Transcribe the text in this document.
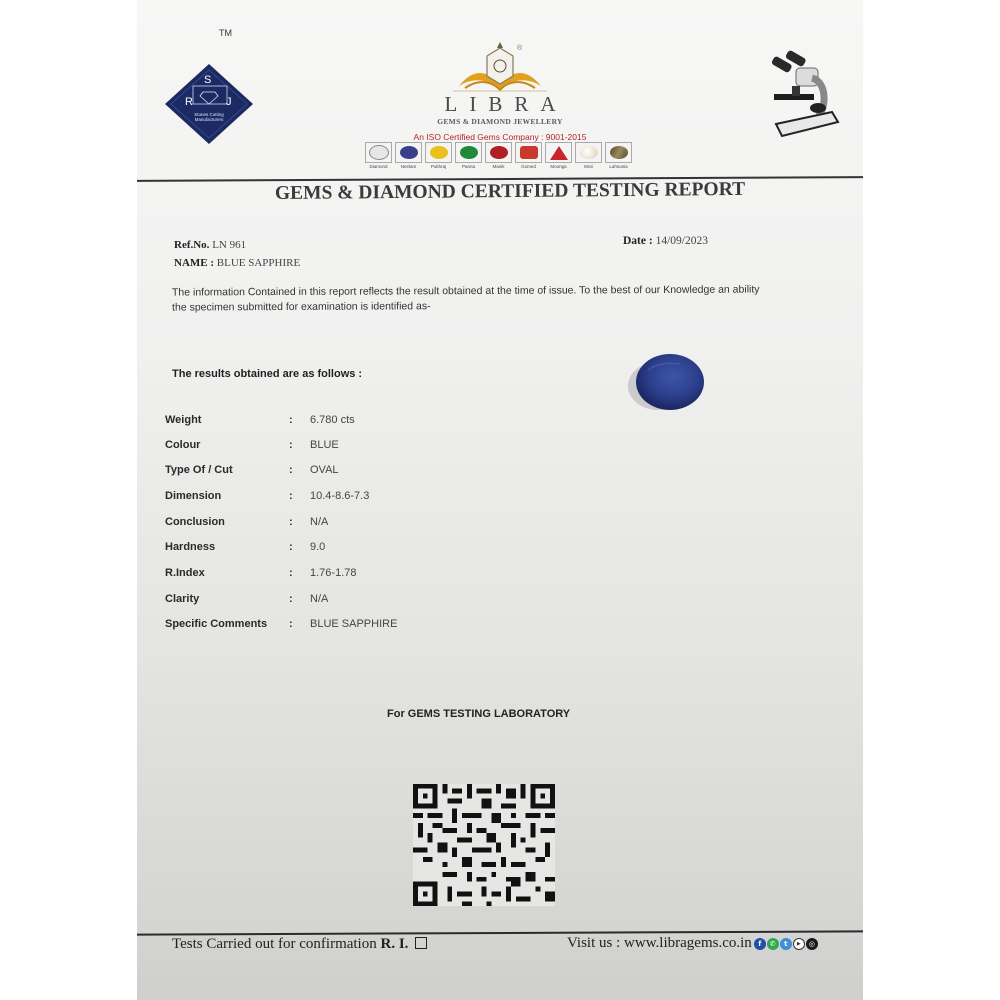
TM
S
R	J
Stones Cutting Manufacturers
®
LIBRA
GEMS & DIAMOND JEWELLERY
An ISO Certified Gems Company : 9001-2015
Diamond	Neelam	Pukhraj	Panna	Manik	Gomed	Moonga	Moti	Lahsunia
GEMS & DIAMOND CERTIFIED TESTING REPORT
Ref.No. LN 961
NAME : BLUE SAPPHIRE
Date : 14/09/2023
The information Contained in this report reflects the result obtained at the time of issue. To the best of our Knowledge an ability the specimen submitted for examination is identified as-
The results obtained are as follows :
Weight	: 6.780 cts
Colour	: BLUE
Type Of / Cut	: OVAL
Dimension	: 10.4-8.6-7.3
Conclusion	: N/A
Hardness	: 9.0
R.Index	: 1.76-1.78
Clarity	: N/A
Specific Comments : BLUE SAPPHIRE
For GEMS TESTING LABORATORY
Tests Carried out for confirmation R. I.	Visit us : www.libragems.co.in f	✆	t	▶	◎
